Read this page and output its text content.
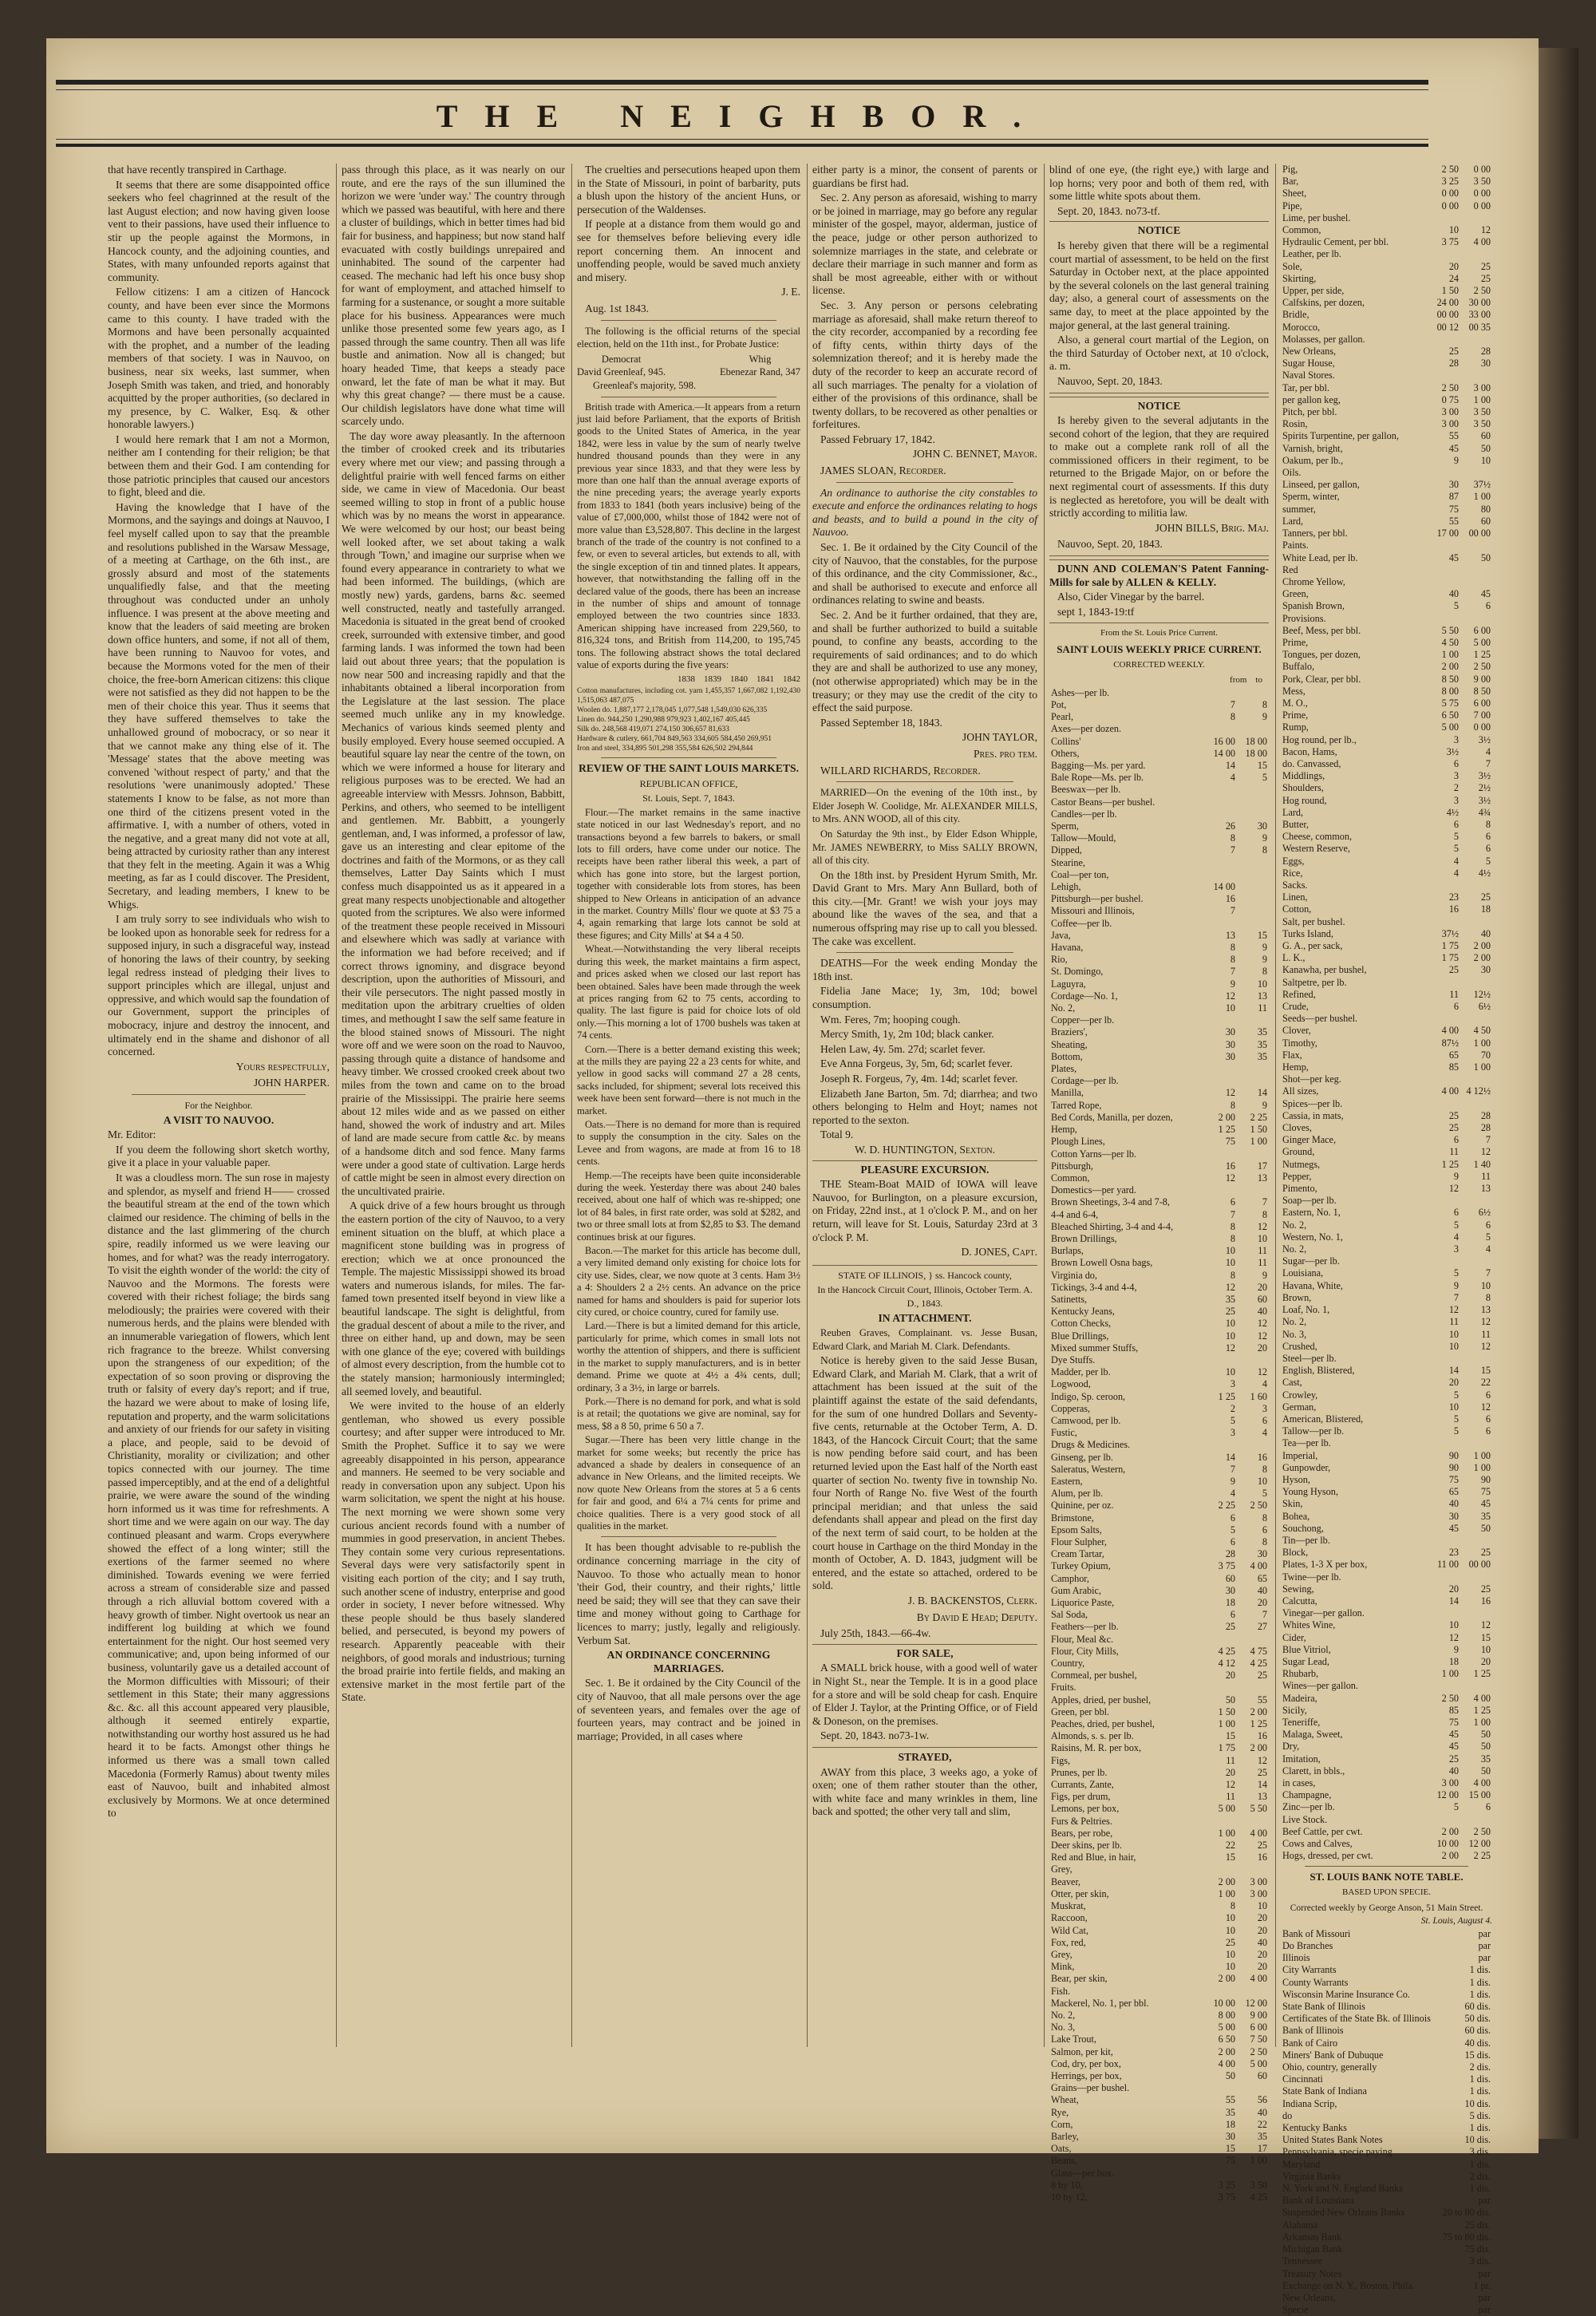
THE NEIGHBOR.

that have recently transpired in Carthage.

It seems that there are some disappointed office seekers who feel chagrinned at the result of the last August election; and now having given loose vent to their passions, have used their influence to stir up the people against the Mormons, in Hancock county, and the adjoining counties, and States, with many unfounded reports against that community.

Fellow citizens: I am a citizen of Hancock county, and have been ever since the Mormons came to this county. I have traded with the Mormons and have been personally acquainted with the prophet, and a number of the leading members of that society. I was in Nauvoo, on business, near six weeks, last summer, when Joseph Smith was taken, and tried, and honorably acquitted by the proper authorities, (so declared in my presence, by C. Walker, Esq. & other honorable lawyers.)

I would here remark that I am not a Mormon, neither am I contending for their religion; be that between them and their God. I am contending for those patriotic principles that caused our ancestors to fight, bleed and die.

Having the knowledge that I have of the Mormons, and the sayings and doings at Nauvoo, I feel myself called upon to say that the preamble and resolutions published in the Warsaw Message, of a meeting at Carthage, on the 6th inst., are grossly absurd and most of the statements unqualifiedly false, and that the meeting throughout was conducted under an unholy influence. I was present at the above meeting and know that the leaders of said meeting are broken down office hunters, and some, if not all of them, have been running to Nauvoo for votes, and because the Mormons voted for the men of their choice, the free-born American citizens: this clique were not satisfied as they did not happen to be the men of their choice this year. Thus it seems that they have suffered themselves to take the unhallowed ground of mobocracy, or so near it that we cannot make any thing else of it. The 'Message' states that the above meeting was convened 'without respect of party,' and that the resolutions 'were unanimously adopted.' These statements I know to be false, as not more than one third of the citizens present voted in the affirmative. I, with a number of others, voted in the negative, and a great many did not vote at all, being attracted by curiosity rather than any interest that they felt in the meeting. Again it was a Whig meeting, as far as I could discover. The President, Secretary, and leading members, I knew to be Whigs.

I am truly sorry to see individuals who wish to be looked upon as honorable seek for redress for a supposed injury, in such a disgraceful way, instead of honoring the laws of their country, by seeking legal redress instead of pledging their lives to support principles which are illegal, unjust and oppressive, and which would sap the foundation of our Government, support the principles of mobocracy, injure and destroy the innocent, and ultimately end in the shame and dishonor of all concerned.

Yours respectfully,
JOHN HARPER.

For the Neighbor.

A VISIT TO NAUVOO.

Mr. Editor:

If you deem the following short sketch worthy, give it a place in your valuable paper.

It was a cloudless morn. The sun rose in majesty and splendor, as myself and friend H—— crossed the beautiful stream at the end of the town which claimed our residence. The chiming of bells in the distance and the last glimmering of the church spire, readily informed us we were leaving our homes, and for what? was the ready interrogatory. To visit the eighth wonder of the world: the city of Nauvoo and the Mormons. The forests were covered with their richest foliage; the birds sang melodiously; the prairies were covered with their numerous herds, and the plains were blended with an innumerable variegation of flowers, which lent rich fragrance to the breeze. Whilst conversing upon the strangeness of our expedition; of the expectation of so soon proving or disproving the truth or falsity of every day's report; and if true, the hazard we were about to make of losing life, reputation and property, and the warm solicitations and anxiety of our friends for our safety in visiting a place, and people, said to be devoid of Christianity, morality or civilization; and other topics connected with our journey. The time passed imperceptibly, and at the end of a delightful prairie, we were aware the sound of the winding horn informed us it was time for refreshments. A short time and we were again on our way. The day continued pleasant and warm. Crops everywhere showed the effect of a long winter; still the exertions of the farmer seemed no where diminished. Towards evening we were ferried across a stream of considerable size and passed through a rich alluvial bottom covered with a heavy growth of timber. Night overtook us near an indifferent log building at which we found entertainment for the night. Our host seemed very communicative; and, upon being informed of our business, voluntarily gave us a detailed account of the Mormon difficulties with Missouri; of their settlement in this State; their many aggressions &c. &c. all this account appeared very plausible, although it seemed entirely expartie, notwithstanding our worthy host assured us he had heard it to be facts. Amongst other things he informed us there was a small town called Macedonia (Formerly Ramus) about twenty miles east of Nauvoo, built and inhabited almost exclusively by Mormons. We at once determined to

pass through this place, as it was nearly on our route, and ere the rays of the sun illumined the horizon we were 'under way.' The country through which we passed was beautiful, with here and there a cluster of buildings, which in better times had bid fair for business, and happiness; but now stand half evacuated with costly buildings unrepaired and uninhabited. The sound of the carpenter had ceased. The mechanic had left his once busy shop for want of employment, and attached himself to farming for a sustenance, or sought a more suitable place for his business. Appearances were much unlike those presented some few years ago, as I passed through the same country. Then all was life bustle and animation. Now all is changed; but hoary headed Time, that keeps a steady pace onward, let the fate of man be what it may. But why this great change? — there must be a cause. Our childish legislators have done what time will scarcely undo.

The day wore away pleasantly. In the afternoon the timber of crooked creek and its tributaries every where met our view; and passing through a delightful prairie with well fenced farms on either side, we came in view of Macedonia. Our beast seemed willing to stop in front of a public house which was by no means the worst in appearance. We were welcomed by our host; our beast being well looked after, we set about taking a walk through 'Town,' and imagine our surprise when we found every appearance in contrariety to what we had been informed. The buildings, (which are mostly new) yards, gardens, barns &c. seemed well constructed, neatly and tastefully arranged. Macedonia is situated in the great bend of crooked creek, surrounded with extensive timber, and good farming lands. I was informed the town had been laid out about three years; that the population is now near 500 and increasing rapidly and that the inhabitants obtained a liberal incorporation from the Legislature at the last session. The place seemed much unlike any in my knowledge. Mechanics of various kinds seemed plenty and busily employed. Every house seemed occupied. A beautiful square lay near the centre of the town, on which we were informed a house for literary and religious purposes was to be erected. We had an agreeable interview with Messrs. Johnson, Babbitt, Perkins, and others, who seemed to be intelligent and gentlemen. Mr. Babbitt, a youngerly gentleman, and, I was informed, a professor of law, gave us an interesting and clear epitome of the doctrines and faith of the Mormons, or as they call themselves, Latter Day Saints which I must confess much disappointed us as it appeared in a great many respects unobjectionable and altogether quoted from the scriptures. We also were informed of the treatment these people received in Missouri and elsewhere which was sadly at variance with the information we had before received; and if correct throws ignominy, and disgrace beyond description, upon the authorities of Missouri, and their vile persecutors. The night passed mostly in meditation upon the arbitrary cruelties of olden times, and methought I saw the self same feature in the blood stained snows of Missouri. The night wore off and we were soon on the road to Nauvoo, passing through quite a distance of handsome and heavy timber. We crossed crooked creek about two miles from the town and came on to the broad prairie of the Mississippi. The prairie here seems about 12 miles wide and as we passed on either hand, showed the work of industry and art. Miles of land are made secure from cattle &c. by means of a handsome ditch and sod fence. Many farms were under a good state of cultivation. Large herds of cattle might be seen in almost every direction on the uncultivated prairie.

A quick drive of a few hours brought us through the eastern portion of the city of Nauvoo, to a very eminent situation on the bluff, at which place a magnificent stone building was in progress of erection; which we at once pronounced the Temple. The majestic Mississippi showed its broad waters and numerous islands, for miles. The far-famed town presented itself beyond in view like a beautiful landscape. The sight is delightful, from the gradual descent of about a mile to the river, and three on either hand, up and down, may be seen with one glance of the eye; covered with buildings of almost every description, from the humble cot to the stately mansion; harmoniously intermingled; all seemed lovely, and beautiful.

We were invited to the house of an elderly gentleman, who showed us every possible courtesy; and after supper were introduced to Mr. Smith the Prophet. Suffice it to say we were agreeably disappointed in his person, appearance and manners. He seemed to be very sociable and ready in conversation upon any subject. Upon his warm solicitation, we spent the night at his house. The next morning we were shown some very curious ancient records found with a number of mummies in good preservation, in ancient Thebes. They contain some very curious representations. Several days were very satisfactorily spent in visiting each portion of the city; and I say truth, such another scene of industry, enterprise and good order in society, I never before witnessed. Why these people should be thus basely slandered belied, and persecuted, is beyond my powers of research. Apparently peaceable with their neighbors, of good morals and industrious; turning the broad prairie into fertile fields, and making an extensive market in the most fertile part of the State.

The cruelties and persecutions heaped upon them in the State of Missouri, in point of barbarity, puts a blush upon the history of the ancient Huns, or persecution of the Waldenses.

If people at a distance from them would go and see for themselves before believing every idle report concerning them. An innocent and unoffending people, would be saved much anxiety and misery.

J. E.

Aug. 1st 1843.

The following is the official returns of the special election, held on the 11th inst., for Probate Justice:

Democrat
David Greenleaf, 945.
Whig
Ebenezar Rand, 347
Greenleaf's majority, 598.

British trade with America.—It appears from a return just laid before Parliament, that the exports of British goods to the United States of America, in the year 1842, were less in value by the sum of nearly twelve hundred thousand pounds than they were in any previous year since 1833, and that they were less by more than one half than the annual average exports of the nine preceding years; the average yearly exports from 1833 to 1841 (both years inclusive) being of the value of £7,000,000, whilst those of 1842 were not of more value than £3,528,807. This decline in the largest branch of the trade of the country is not confined to a few, or even to several articles, but extends to all, with the single exception of tin and tinned plates. It appears, however, that notwithstanding the falling off in the declared value of the goods, there has been an increase in the number of ships and amount of tonnage employed between the two countries since 1833. American shipping have increased from 229,560, to 816,324 tons, and British from 114,200, to 195,745 tons. The following abstract shows the total declared value of exports during the five years:

1838    1839    1840    1841    1842
Cotton manufactures, including cot. yarn 1,455,357 1,667,082 1,192,430 1,515,063 487,075
Woolen do. 1,887,177 2,178,045 1,077,548 1,549,030 626,335
Linen do. 944,250 1,290,988 979,923 1,402,167 405,445
Silk do. 248,568 419,071 274,150 306,657 81,633
Hardware & cutlery, 661,704 849,563 334,605 584,450 269,951
Iron and steel, 334,895 501,298 355,584 626,502 294,844

REVIEW OF THE SAINT LOUIS MARKETS.

REPUBLICAN OFFICE,

St. Louis, Sept. 7, 1843.

Flour.—The market remains in the same inactive state noticed in our last Wednesday's report, and no transactions beyond a few barrels to bakers, or small lots to fill orders, have come under our notice. The receipts have been rather liberal this week, a part of which has gone into store, but the largest portion, together with considerable lots from stores, has been shipped to New Orleans in anticipation of an advance in the market. Country Mills' flour we quote at $3 75 a 4, again remarking that large lots cannot be sold at these figures; and City Mills' at $4 a 4 50.

Wheat.—Notwithstanding the very liberal receipts during this week, the market maintains a firm aspect, and prices asked when we closed our last report has been obtained. Sales have been made through the week at prices ranging from 62 to 75 cents, according to quality. The last figure is paid for choice lots of old only.—This morning a lot of 1700 bushels was taken at 74 cents.

Corn.—There is a better demand existing this week; at the mills they are paying 22 a 23 cents for white, and yellow in good sacks will command 27 a 28 cents, sacks included, for shipment; several lots received this week have been sent forward—there is not much in the market.

Oats.—There is no demand for more than is required to supply the consumption in the city. Sales on the Levee and from wagons, are made at from 16 to 18 cents.

Hemp.—The receipts have been quite inconsiderable during the week. Yesterday there was about 240 bales received, about one half of which was re-shipped; one lot of 84 bales, in first rate order, was sold at $282, and two or three small lots at from $2,85 to $3. The demand continues brisk at our figures.

Bacon.—The market for this article has become dull, a very limited demand only existing for choice lots for city use. Sides, clear, we now quote at 3 cents. Ham 3½ a 4: Shoulders 2 a 2½ cents. An advance on the price named for hams and shoulders is paid for superior lots city cured, or choice country, cured for family use.

Lard.—There is but a limited demand for this article, particularly for prime, which comes in small lots not worthy the attention of shippers, and there is sufficient in the market to supply manufacturers, and is in better demand. Prime we quote at 4½ a 4¾ cents, dull; ordinary, 3 a 3½, in large or barrels.

Pork.—There is no demand for pork, and what is sold is at retail; the quotations we give are nominal, say for mess, $8 a 8 50, prime 6 50 a 7.

Sugar.—There has been very little change in the market for some weeks; but recently the price has advanced a shade by dealers in consequence of an advance in New Orleans, and the limited receipts. We now quote New Orleans from the stores at 5 a 6 cents for fair and good, and 6¼ a 7¼ cents for prime and choice qualities. There is a very good stock of all qualities in the market.

It has been thought advisable to re-publish the ordinance concerning marriage in the city of Nauvoo. To those who actually mean to honor 'their God, their country, and their rights,' little need be said; they will see that they can save their time and money without going to Carthage for licences to marry; justly, legally and religiously. Verbum Sat.

AN ORDINANCE CONCERNING MARRIAGES.

Sec. 1. Be it ordained by the City Council of the city of Nauvoo, that all male persons over the age of seventeen years, and females over the age of fourteen years, may contract and be joined in marriage; Provided, in all cases where

either party is a minor, the consent of parents or guardians be first had.

Sec. 2. Any person as aforesaid, wishing to marry or be joined in marriage, may go before any regular minister of the gospel, mayor, alderman, justice of the peace, judge or other person authorized to solemnize marriages in the state, and celebrate or declare their marriage in such manner and form as shall be most agreeable, either with or without license.

Sec. 3. Any person or persons celebrating marriage as aforesaid, shall make return thereof to the city recorder, accompanied by a recording fee of fifty cents, within thirty days of the solemnization thereof; and it is hereby made the duty of the recorder to keep an accurate record of all such marriages. The penalty for a violation of either of the provisions of this ordinance, shall be twenty dollars, to be recovered as other penalties or forfeitures.

Passed February 17, 1842.

JOHN C. BENNET, Mayor.
JAMES SLOAN, Recorder.

An ordinance to authorise the city constables to execute and enforce the ordinances relating to hogs and beasts, and to build a pound in the city of Nauvoo.

Sec. 1. Be it ordained by the City Council of the city of Nauvoo, that the constables, for the purpose of this ordinance, and the city Commissioner, &c., and shall be authorised to execute and enforce all ordinances relating to swine and beasts.

Sec. 2. And be it further ordained, that they are, and shall be further authorized to build a suitable pound, to confine any beasts, according to the requirements of said ordinances; and to do which they are and shall be authorized to use any money, (not otherwise appropriated) which may be in the treasury; or they may use the credit of the city to effect the said purpose.

Passed September 18, 1843.

JOHN TAYLOR,
Pres. pro tem.
WILLARD RICHARDS, Recorder.

MARRIED—On the evening of the 10th inst., by Elder Joseph W. Coolidge, Mr. ALEXANDER MILLS, to Mrs. ANN WOOD, all of this city.

On Saturday the 9th inst., by Elder Edson Whipple, Mr. JAMES NEWBERRY, to Miss SALLY BROWN, all of this city.

On the 18th inst. by President Hyrum Smith, Mr. David Grant to Mrs. Mary Ann Bullard, both of this city.—[Mr. Grant! we wish your joys may abound like the waves of the sea, and that a numerous offspring may rise up to call you blessed. The cake was excellent.

DEATHS—For the week ending Monday the 18th inst.

Fidelia Jane Mace; 1y, 3m, 10d; bowel consumption.

Wm. Feres, 7m; hooping cough.

Mercy Smith, 1y, 2m 10d; black canker.

Helen Law, 4y. 5m. 27d; scarlet fever.

Eve Anna Forgeus, 3y, 5m, 6d; scarlet fever.

Joseph R. Forgeus, 7y, 4m. 14d; scarlet fever.

Elizabeth Jane Barton, 5m. 7d; diarrhea; and two others belonging to Helm and Hoyt; names not reported to the sexton.

Total 9.

W. D. HUNTINGTON, Sexton.

PLEASURE EXCURSION.

THE Steam-Boat MAID of IOWA will leave Nauvoo, for Burlington, on a pleasure excursion, on Friday, 22nd inst., at 1 o'clock P. M., and on her return, will leave for St. Louis, Saturday 23rd at 3 o'clock P. M.

D. JONES, Capt.

STATE OF ILLINOIS, } ss. Hancock county,

In the Hancock Circuit Court, Illinois, October Term. A. D., 1843.

IN ATTACHMENT.

Reuben Graves, Complainant. vs. Jesse Busan, Edward Clark, and Mariah M. Clark. Defendants.

Notice is hereby given to the said Jesse Busan, Edward Clark, and Mariah M. Clark, that a writ of attachment has been issued at the suit of the plaintiff against the estate of the said defendants, for the sum of one hundred Dollars and Seventy-five cents, returnable at the October Term, A. D. 1843, of the Hancock Circuit Court; that the same is now pending before said court, and has been returned levied upon the East half of the North east quarter of section No. twenty five in township No. four North of Range No. five West of the fourth principal meridian; and that unless the said defendants shall appear and plead on the first day of the next term of said court, to be holden at the court house in Carthage on the third Monday in the month of October, A. D. 1843, judgment will be entered, and the estate so attached, ordered to be sold.

J. B. BACKENSTOS, Clerk.
By David E Head; Deputy.

July 25th, 1843.—66-4w.

FOR SALE,

A SMALL brick house, with a good well of water in Night St., near the Temple. It is in a good place for a store and will be sold cheap for cash. Enquire of Elder J. Taylor, at the Printing Office, or of Field & Doneson, on the premises.

Sept. 20, 1843. no73-1w.

STRAYED,

AWAY from this place, 3 weeks ago, a yoke of oxen; one of them rather stouter than the other, with white face and many wrinkles in them, line back and spotted; the other very tall and slim,

blind of one eye, (the right eye,) with large and lop horns; very poor and both of them red, with some little white spots about them.

Sept. 20, 1843. no73-tf.

NOTICE

Is hereby given that there will be a regimental court martial of assessment, to be held on the first Saturday in October next, at the place appointed by the several colonels on the last general training day; also, a general court of assessments on the same day, to meet at the place appointed by the major general, at the last general training.

Also, a general court martial of the Legion, on the third Saturday of October next, at 10 o'clock, a. m.

Nauvoo, Sept. 20, 1843.

NOTICE

Is hereby given to the several adjutants in the second cohort of the legion, that they are required to make out a complete rank roll of all the commissioned officers in their regiment, to be returned to the Brigade Major, on or before the next regimental court of assessments. If this duty is neglected as heretofore, you will be dealt with strictly according to militia law.

JOHN BILLS, Brig. Maj.

Nauvoo, Sept. 20, 1843.

DUNN AND COLEMAN'S Patent Fanning-Mills for sale by ALLEN & KELLY.

Also, Cider Vinegar by the barrel.

sept 1, 1843-19:tf

From the St. Louis Price Current.
SAINT LOUIS WEEKLY PRICE CURRENT.
CORRECTED WEEKLY.
from    to
Ashes—per lb.		
Pot,	7	8
Pearl,	8	9
Axes—per dozen.		
Collins'	16 00	18 00
Others,	14 00	18 00
Bagging—Ms. per yard.	14	15
Bale Rope—Ms. per lb.	4	5
Beeswax—per lb.		
Castor Beans—per bushel.		
Candles—per lb.		
Sperm,	26	30
Tallow—Mould,	8	9
Dipped,	7	8
Stearine,		
Coal—per ton,		
Lehigh,	14 00	
Pittsburgh—per bushel.	16	
Missouri and Illinois,	7	
Coffee—per lb.		
Java,	13	15
Havana,	8	9
Rio,	8	9
St. Domingo,	7	8
Laguyra,	9	10
Cordage—No. 1,	12	13
No. 2,	10	11
Copper—per lb.		
Braziers',	30	35
Sheating,	30	35
Bottom,	30	35
Plates,		
Cordage—per lb.		
Manilla,	12	14
Tarred Rope,	8	9
Bed Cords, Manilla, per dozen,	2 00	2 25
Hemp,	1 25	1 50
Plough Lines,	75	1 00
Cotton Yarns—per lb.		
Pittsburgh,	16	17
Common,	12	13
Domestics—per yard.		
Brown Sheetings, 3-4 and 7-8,	6	7
4-4 and 6-4,	7	8
Bleached Shirting, 3-4 and 4-4,	8	12
Brown Drillings,	8	10
Burlaps,	10	11
Brown Lowell Osna bags,	10	11
Virginia do,	8	9
Tickings, 3-4 and 4-4,	12	20
Satinetts,	35	60
Kentucky Jeans,	25	40
Cotton Checks,	10	12
Blue Drillings,	10	12
Mixed summer Stuffs,	12	20
Dye Stuffs.		
Madder, per lb.	10	12
Logwood,	3	4
Indigo, Sp. ceroon,	1 25	1 60
Copperas,	2	3
Camwood, per lb.	5	6
Fustic,	3	4
Drugs & Medicines.		
Ginseng, per lb.	14	16
Saleratus, Western,	7	8
Eastern,	9	10
Alum, per lb.	4	5
Quinine, per oz.	2 25	2 50
Brimstone,	6	8
Epsom Salts,	5	6
Flour Sulpher,	6	8
Cream Tartar,	28	30
Turkey Opium,	3 75	4 00
Camphor,	60	65
Gum Arabic,	30	40
Liquorice Paste,	18	20
Sal Soda,	6	7
Feathers—per lb.	25	27
Flour, Meal &c.		
Flour, City Mills,	4 25	4 75
Country,	4 12	4 25
Cornmeal, per bushel,	20	25
Fruits.		
Apples, dried, per bushel,	50	55
Green, per bbl.	1 50	2 00
Peaches, dried, per bushel,	1 00	1 25
Almonds, s. s. per lb.	15	16
Raisins, M. R. per box,	1 75	2 00
Figs,	11	12
Prunes, per lb.	20	25
Currants, Zante,	12	14
Figs, per drum,	11	13
Lemons, per box,	5 00	5 50
Furs & Peltries.		
Bears, per robe,	1 00	4 00
Deer skins, per lb.	22	25
Red and Blue, in hair,	15	16
Grey,		
Beaver,	2 00	3 00
Otter, per skin,	1 00	3 00
Muskrat,	8	10
Raccoon,	10	20
Wild Cat,	10	20
Fox, red,	25	40
Grey,	10	20
Mink,	10	20
Bear, per skin,	2 00	4 00
Fish.		
Mackerel, No. 1, per bbl.	10 00	12 00
No. 2,	8 00	9 00
No. 3,	5 00	6 00
Lake Trout,	6 50	7 50
Salmon, per kit,	2 00	2 50
Cod, dry, per box,	4 00	5 00
Herrings, per box,	50	60
Grains—per bushel.		
Wheat,	55	56
Rye,	35	40
Corn,	18	22
Barley,	30	35
Oats,	15	17
Beans,	75	1 00
Glass—per box.		
8 by 10,	3 25	3 50
10 by 12,	3 75	4 25
Pig,	2 50	0 00
Bar,	3 25	3 50
Sheet,	0 00	0 00
Pipe,	0 00	0 00
Lime, per bushel.		
Common,	10	12
Hydraulic Cement, per bbl.	3 75	4 00
Leather, per lb.		
Sole,	20	25
Skirting,	24	25
Upper, per side,	1 50	2 50
Calfskins, per dozen,	24 00	30 00
Bridle,	00 00	33 00
Morocco,	00 12	00 35
Molasses, per gallon.		
New Orleans,	25	28
Sugar House,	28	30
Naval Stores.		
Tar, per bbl.	2 50	3 00
per gallon keg,	0 75	1 00
Pitch, per bbl.	3 00	3 50
Rosin,	3 00	3 50
Spirits Turpentine, per gallon,	55	60
Varnish, bright,	45	50
Oakum, per lb.,	9	10
Oils.		
Linseed, per gallon,	30	37½
Sperm, winter,	87	1 00
summer,	75	80
Lard,	55	60
Tanners, per bbl.	17 00	00 00
Paints.		
White Lead, per lb.	45	50
Red		
Chrome Yellow,		
Green,	40	45
Spanish Brown,	5	6
Provisions.		
Beef, Mess, per bbl.	5 50	6 00
Prime,	4 50	5 00
Tongues, per dozen,	1 00	1 25
Buffalo,	2 00	2 50
Pork, Clear, per bbl.	8 50	9 00
Mess,	8 00	8 50
M. O.,	5 75	6 00
Prime,	6 50	7 00
Rump,	5 00	0 00
Hog round, per lb.,	3	3½
Bacon, Hams,	3½	4
do. Canvassed,	6	7
Middlings,	3	3½
Shoulders,	2	2½
Hog round,	3	3½
Lard,	4½	4¾
Butter,	6	8
Cheese, common,	5	6
Western Reserve,	5	6
Eggs,	4	5
Rice,	4	4½
Sacks.		
Linen,	23	25
Cotton,	16	18
Salt, per bushel.		
Turks Island,	37½	40
G. A., per sack,	1 75	2 00
L. K.,	1 75	2 00
Kanawha, per bushel,	25	30
Saltpetre, per lb.		
Refined,	11	12½
Crude,	6	6½
Seeds—per bushel.		
Clover,	4 00	4 50
Timothy,	87½	1 00
Flax,	65	70
Hemp,	85	1 00
Shot—per keg.		
All sizes,	4 00	4 12½
Spices—per lb.		
Cassia, in mats,	25	28
Cloves,	25	28
Ginger Mace,	6	7
Ground,	11	12
Nutmegs,	1 25	1 40
Pepper,	9	11
Pimento,	12	13
Soap—per lb.		
Eastern, No. 1,	6	6½
No. 2,	5	6
Western, No. 1,	4	5
No. 2,	3	4
Sugar—per lb.		
Louisiana,	5	7
Havana, White,	9	10
Brown,	7	8
Loaf, No. 1,	12	13
No. 2,	11	12
No. 3,	10	11
Crushed,	10	12
Steel—per lb.		
English, Blistered,	14	15
Cast,	20	22
Crowley,	5	6
German,	10	12
American, Blistered,	5	6
Tallow—per lb.	5	6
Tea—per lb.		
Imperial,	90	1 00
Gunpowder,	90	1 00
Hyson,	75	90
Young Hyson,	65	75
Skin,	40	45
Bohea,	30	35
Souchong,	45	50
Tin—per lb.		
Block,	23	25
Plates, 1-3 X per box,	11 00	00 00
Twine—per lb.		
Sewing,	20	25
Calcutta,	14	16
Vinegar—per gallon.		
Whites Wine,	10	12
Cider,	12	15
Blue Vitriol,	9	10
Sugar Lead,	18	20
Rhubarb,	1 00	1 25
Wines—per gallon.		
Madeira,	2 50	4 00
Sicily,	85	1 25
Teneriffe,	75	1 00
Malaga, Sweet,	45	50
Dry,	45	50
Imitation,	25	35
Clarett, in bbls.,	40	50
in cases,	3 00	4 00
Champagne,	12 00	15 00
Zinc—per lb.	5	6
Live Stock.		
Beef Cattle, per cwt.	2 00	2 50
Cows and Calves,	10 00	12 00
Hogs, dressed, per cwt.	2 00	2 25
ST. LOUIS BANK NOTE TABLE.
BASED UPON SPECIE.
Corrected weekly by George Anson, 51 Main Street.
St. Louis, August 4.
Bank of Missouri	par
Do Branches	par
Illinois	par
City Warrants	1 dis.
County Warrants	1 dis.
Wisconsin Marine Insurance Co.	1 dis.
State Bank of Illinois	60 dis.
Certificates of the State Bk. of Illinois	50 dis.
Bank of Illinois	60 dis.
Bank of Cairo	40 dis.
Miners' Bank of Dubuque	15 dis.
Ohio, country, generally	2 dis.
Cincinnati	1 dis.
State Bank of Indiana	1 dis.
Indiana Scrip,	10 dis.
do	5 dis.
Kentucky Banks	1 dis.
United States Bank Notes	10 dis.
Pennsylvania, specie paying	3 dis.
Maryland	1 dis.
Virginia Banks	2 dis.
N. York and N. England Banks	1 dis.
Bank of Louisiana	par
Suspended New Orleans Banks	20 to 80 dis.
Alabama	25 dis.
Arkansas Bank	75 to 80 dis.
Michigan Bank	75 dis.
Tennessee	3 dis.
Treasury Notes	par
Exchange on N. Y., Boston, Phila.	1 pr.
New Orleans,	par
Specie	par
